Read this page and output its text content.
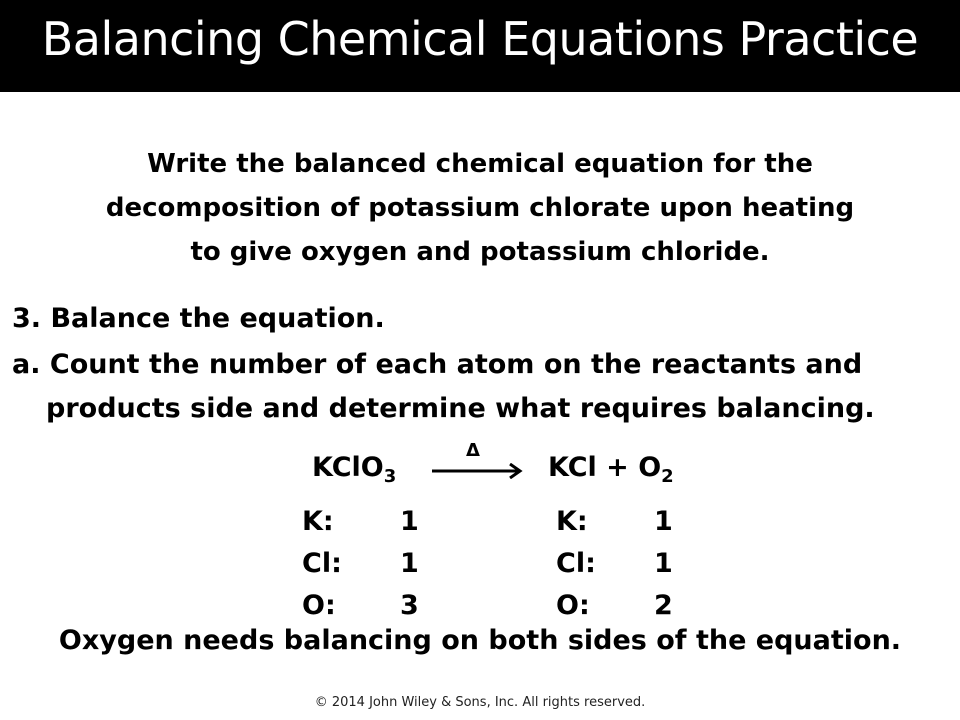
Balancing Chemical Equations Practice
Write the balanced chemical equation for the
decomposition of potassium chlorate upon heating
to give oxygen and potassium chloride.
3. Balance the equation.
a. Count the number of each atom on the reactants and
products side and determine what requires balancing.
KClO$_3$
Δ
KCl + $O_2$
K: 1
Cl: 1
O: 3
K: 1
Cl: 1
O: 2
Oxygen needs balancing on both sides of the equation.
© 2014 John Wiley & Sons, Inc. All rights reserved.
